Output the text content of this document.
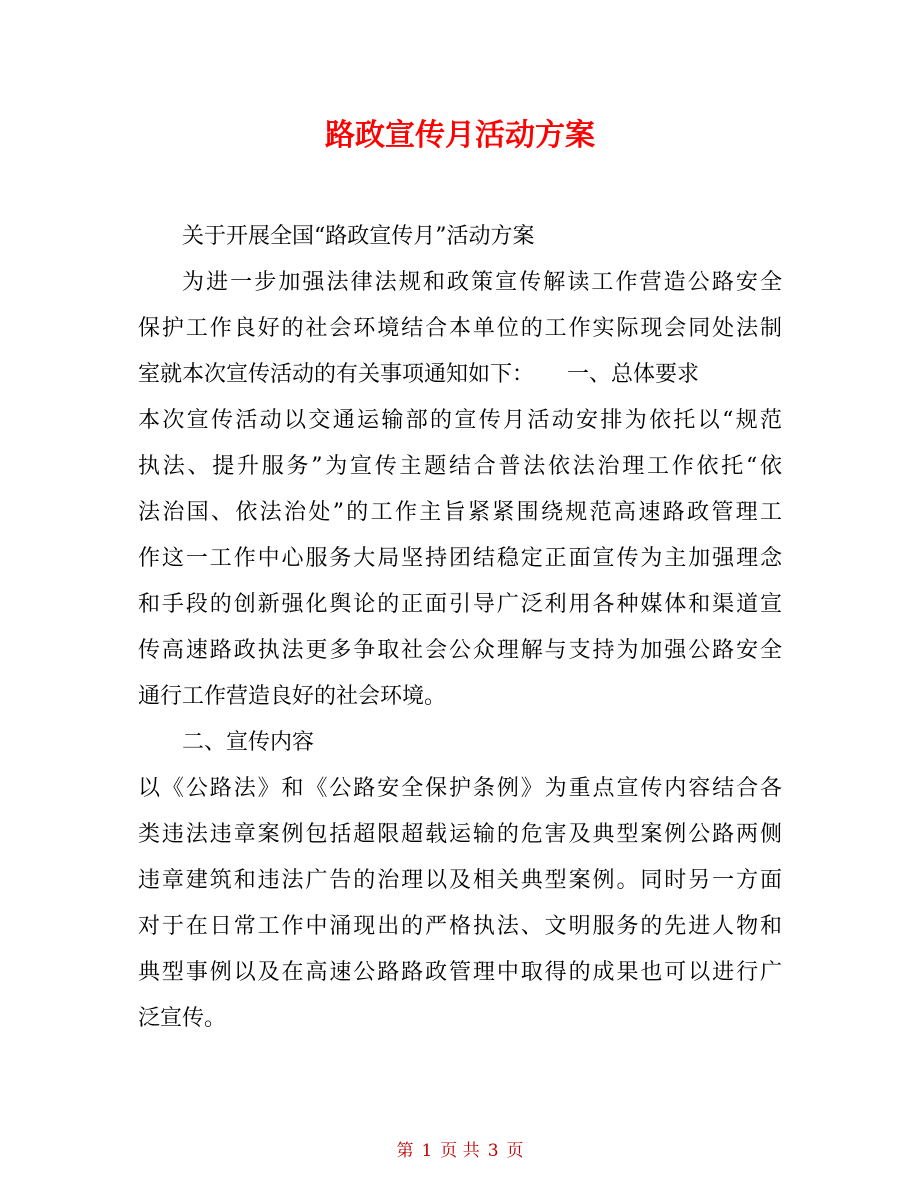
路政宣传月活动方案
关于开展全国“路政宣传月”活动方案
为进一步加强法律法规和政策宣传解读工作营造公路安全
保护工作良好的社会环境结合本单位的工作实际现会同处法制
室就本次宣传活动的有关事项通知如下：　　一、总体要求
本次宣传活动以交通运输部的宣传月活动安排为依托以“规范
执法、提升服务”为宣传主题结合普法依法治理工作依托“依
法治国、依法治处”的工作主旨紧紧围绕规范高速路政管理工
作这一工作中心服务大局坚持团结稳定正面宣传为主加强理念
和手段的创新强化舆论的正面引导广泛利用各种媒体和渠道宣
传高速路政执法更多争取社会公众理解与支持为加强公路安全
通行工作营造良好的社会环境。
二、宣传内容
以《公路法》和《公路安全保护条例》为重点宣传内容结合各
类违法违章案例包括超限超载运输的危害及典型案例公路两侧
违章建筑和违法广告的治理以及相关典型案例。同时另一方面
对于在日常工作中涌现出的严格执法、文明服务的先进人物和
典型事例以及在高速公路路政管理中取得的成果也可以进行广
泛宣传。
第 1 页 共 3 页
